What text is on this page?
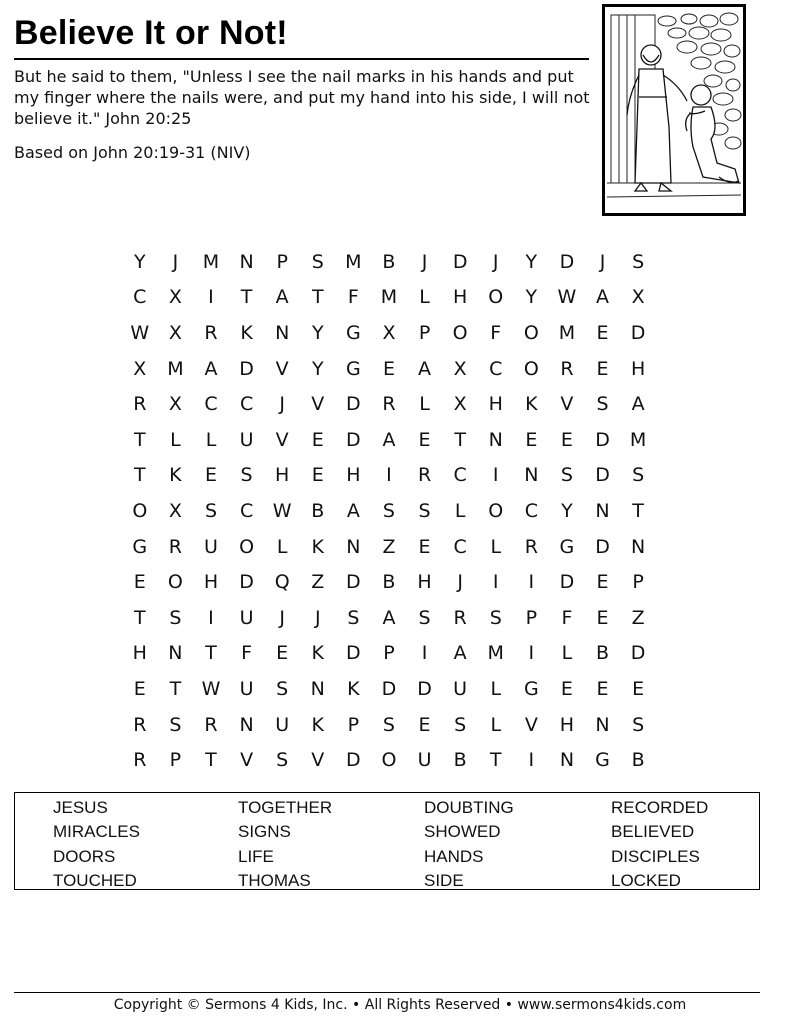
Believe It or Not!
But he said to them, "Unless I see the nail marks in his hands and put my finger where the nails were, and put my hand into his side, I will not believe it." John 20:25
Based on John 20:19-31 (NIV)
Y	J	M	N	P	S	M	B	J	D	J	Y	D	J	S
C	X	I	T	A	T	F	M	L	H	O	Y	W	A	X
W	X	R	K	N	Y	G	X	P	O	F	O	M	E	D
X	M	A	D	V	Y	G	E	A	X	C	O	R	E	H
R	X	C	C	J	V	D	R	L	X	H	K	V	S	A
T	L	L	U	V	E	D	A	E	T	N	E	E	D	M
T	K	E	S	H	E	H	I	R	C	I	N	S	D	S
O	X	S	C	W	B	A	S	S	L	O	C	Y	N	T
G	R	U	O	L	K	N	Z	E	C	L	R	G	D	N
E	O	H	D	Q	Z	D	B	H	J	I	I	D	E	P
T	S	I	U	J	J	S	A	S	R	S	P	F	E	Z
H	N	T	F	E	K	D	P	I	A	M	I	L	B	D
E	T	W	U	S	N	K	D	D	U	L	G	E	E	E
R	S	R	N	U	K	P	S	E	S	L	V	H	N	S
R	P	T	V	S	V	D	O	U	B	T	I	N	G	B
JESUS
MIRACLES
DOORS
TOUCHED
TOGETHER
SIGNS
LIFE
THOMAS
DOUBTING
SHOWED
HANDS
SIDE
RECORDED
BELIEVED
DISCIPLES
LOCKED
Copyright © Sermons 4 Kids, Inc. • All Rights Reserved • www.sermons4kids.com
